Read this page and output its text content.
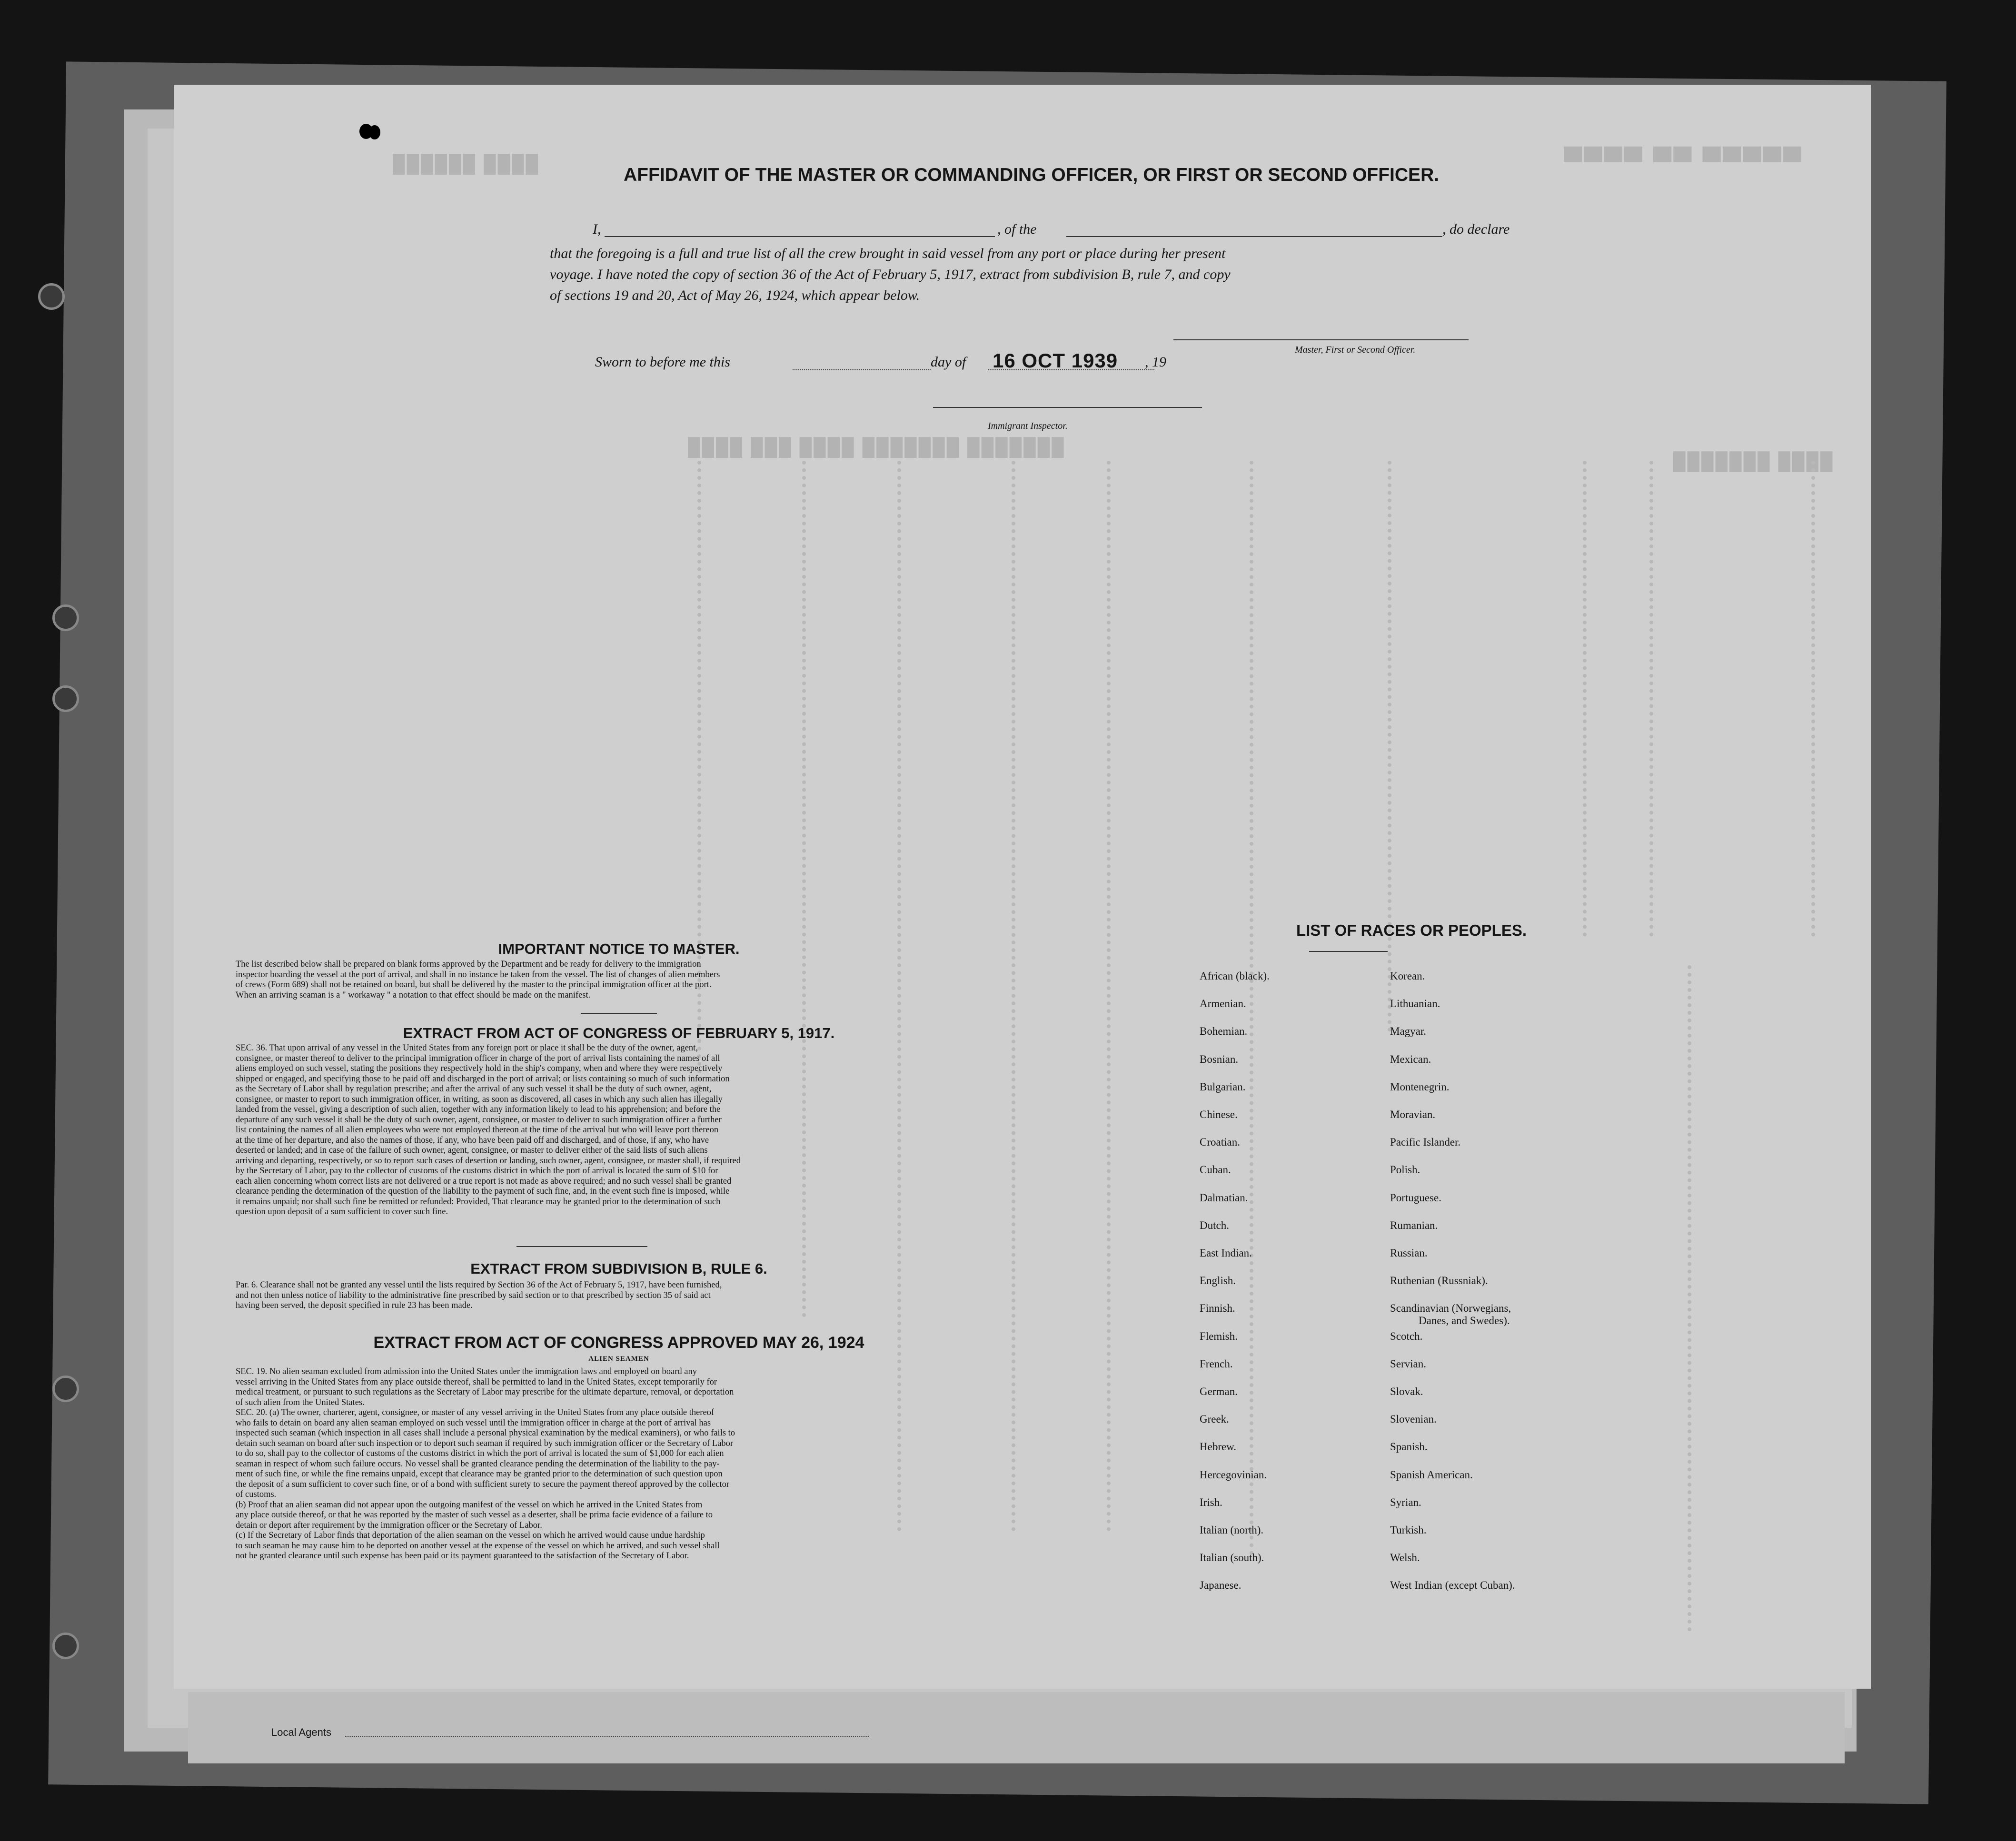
Local Agents
██████ ████	▀▀▀▀ ▀▀ ▀▀▀▀▀
████ ███ ████ ███████ ███████
███████ ████
AFFIDAVIT OF THE MASTER OR COMMANDING OFFICER, OR FIRST OR SECOND OFFICER.
I,	, of the	, do declare
that the foregoing is a full and true list of all the crew brought in said vessel from any port or place during her present
voyage. I have noted the copy of section 36 of the Act of February 5, 1917, extract from subdivision B, rule 7, and copy
of sections 19 and 20, Act of May 26, 1924, which appear below.
Master, First or Second Officer.
Sworn to before me this	day of 16 OCT 1939 , 19
Immigrant Inspector.
IMPORTANT NOTICE TO MASTER.
The list described below shall be prepared on blank forms approved by the Department and be ready for delivery to the immigration
inspector boarding the vessel at the port of arrival, and shall in no instance be taken from the vessel. The list of changes of alien members
of crews (Form 689) shall not be retained on board, but shall be delivered by the master to the principal immigration officer at the port.
When an arriving seaman is a " workaway " a notation to that effect should be made on the manifest.
EXTRACT FROM ACT OF CONGRESS OF FEBRUARY 5, 1917.
SEC. 36. That upon arrival of any vessel in the United States from any foreign port or place it shall be the duty of the owner, agent,
consignee, or master thereof to deliver to the principal immigration officer in charge of the port of arrival lists containing the names of all
aliens employed on such vessel, stating the positions they respectively hold in the ship's company, when and where they were respectively
shipped or engaged, and specifying those to be paid off and discharged in the port of arrival; or lists containing so much of such information
as the Secretary of Labor shall by regulation prescribe; and after the arrival of any such vessel it shall be the duty of such owner, agent,
consignee, or master to report to such immigration officer, in writing, as soon as discovered, all cases in which any such alien has illegally
landed from the vessel, giving a description of such alien, together with any information likely to lead to his apprehension; and before the
departure of any such vessel it shall be the duty of such owner, agent, consignee, or master to deliver to such immigration officer a further
list containing the names of all alien employees who were not employed thereon at the time of the arrival but who will leave port thereon
at the time of her departure, and also the names of those, if any, who have been paid off and discharged, and of those, if any, who have
deserted or landed; and in case of the failure of such owner, agent, consignee, or master to deliver either of the said lists of such aliens
arriving and departing, respectively, or so to report such cases of desertion or landing, such owner, agent, consignee, or master shall, if required
by the Secretary of Labor, pay to the collector of customs of the customs district in which the port of arrival is located the sum of $10 for
each alien concerning whom correct lists are not delivered or a true report is not made as above required; and no such vessel shall be granted
clearance pending the determination of the question of the liability to the payment of such fine, and, in the event such fine is imposed, while
it remains unpaid; nor shall such fine be remitted or refunded: Provided, That clearance may be granted prior to the determination of such
question upon deposit of a sum sufficient to cover such fine.
EXTRACT FROM SUBDIVISION B, RULE 6.
Par. 6. Clearance shall not be granted any vessel until the lists required by Section 36 of the Act of February 5, 1917, have been furnished,
and not then unless notice of liability to the administrative fine prescribed by said section or to that prescribed by section 35 of said act
having been served, the deposit specified in rule 23 has been made.
EXTRACT FROM ACT OF CONGRESS APPROVED MAY 26, 1924
ALIEN SEAMEN
SEC. 19. No alien seaman excluded from admission into the United States under the immigration laws and employed on board any
vessel arriving in the United States from any place outside thereof, shall be permitted to land in the United States, except temporarily for
medical treatment, or pursuant to such regulations as the Secretary of Labor may prescribe for the ultimate departure, removal, or deportation
of such alien from the United States.
SEC. 20. (a) The owner, charterer, agent, consignee, or master of any vessel arriving in the United States from any place outside thereof
who fails to detain on board any alien seaman employed on such vessel until the immigration officer in charge at the port of arrival has
inspected such seaman (which inspection in all cases shall include a personal physical examination by the medical examiners), or who fails to
detain such seaman on board after such inspection or to deport such seaman if required by such immigration officer or the Secretary of Labor
to do so, shall pay to the collector of customs of the customs district in which the port of arrival is located the sum of $1,000 for each alien
seaman in respect of whom such failure occurs. No vessel shall be granted clearance pending the determination of the liability to the pay-
ment of such fine, or while the fine remains unpaid, except that clearance may be granted prior to the determination of such question upon
the deposit of a sum sufficient to cover such fine, or of a bond with sufficient surety to secure the payment thereof approved by the collector
of customs.
(b) Proof that an alien seaman did not appear upon the outgoing manifest of the vessel on which he arrived in the United States from
any place outside thereof, or that he was reported by the master of such vessel as a deserter, shall be prima facie evidence of a failure to
detain or deport after requirement by the immigration officer or the Secretary of Labor.
(c) If the Secretary of Labor finds that deportation of the alien seaman on the vessel on which he arrived would cause undue hardship
to such seaman he may cause him to be deported on another vessel at the expense of the vessel on which he arrived, and such vessel shall
not be granted clearance until such expense has been paid or its payment guaranteed to the satisfaction of the Secretary of Labor.
LIST OF RACES OR PEOPLES.
African (black).
Armenian.
Bohemian.
Bosnian.
Bulgarian.
Chinese.
Croatian.
Cuban.
Dalmatian.
Dutch.
East Indian.
English.
Finnish.
Flemish.
French.
German.
Greek.
Hebrew.
Hercegovinian.
Irish.
Italian (north).
Italian (south).
Japanese.
Korean.
Lithuanian.
Magyar.
Mexican.
Montenegrin.
Moravian.
Pacific Islander.
Polish.
Portuguese.
Rumanian.
Russian.
Ruthenian (Russniak).
Scandinavian (Norwegians,
Scotch.
Servian.
Slovak.
Slovenian.
Spanish.
Spanish American.
Syrian.
Turkish.
Welsh.
West Indian (except Cuban).
Danes, and Swedes).
